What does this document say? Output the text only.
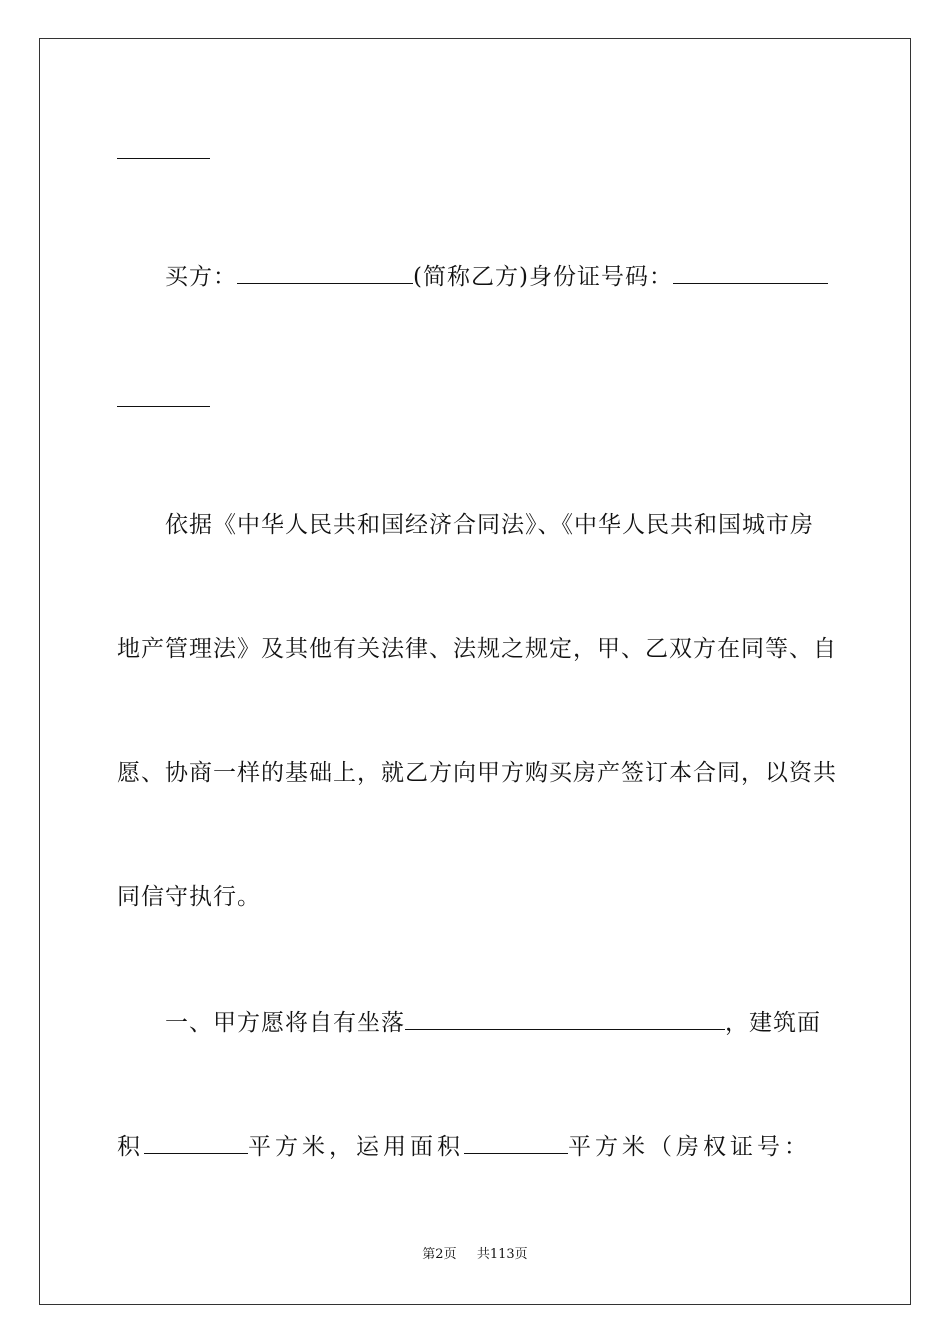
买方：	(简称乙方)身份证号码：
依据《中华人民共和国经济合同法》、《中华人民共和国城市房
地产管理法》及其他有关法律、法规之规定，甲、乙双方在同等、自
愿、协商一样的基础上，就乙方向甲方购买房产签订本合同，以资共
同信守执行。
一、甲方愿将自有坐落	，建筑面
积	平方米，运用面积	平方米（房权证号：
第2页 共113页
